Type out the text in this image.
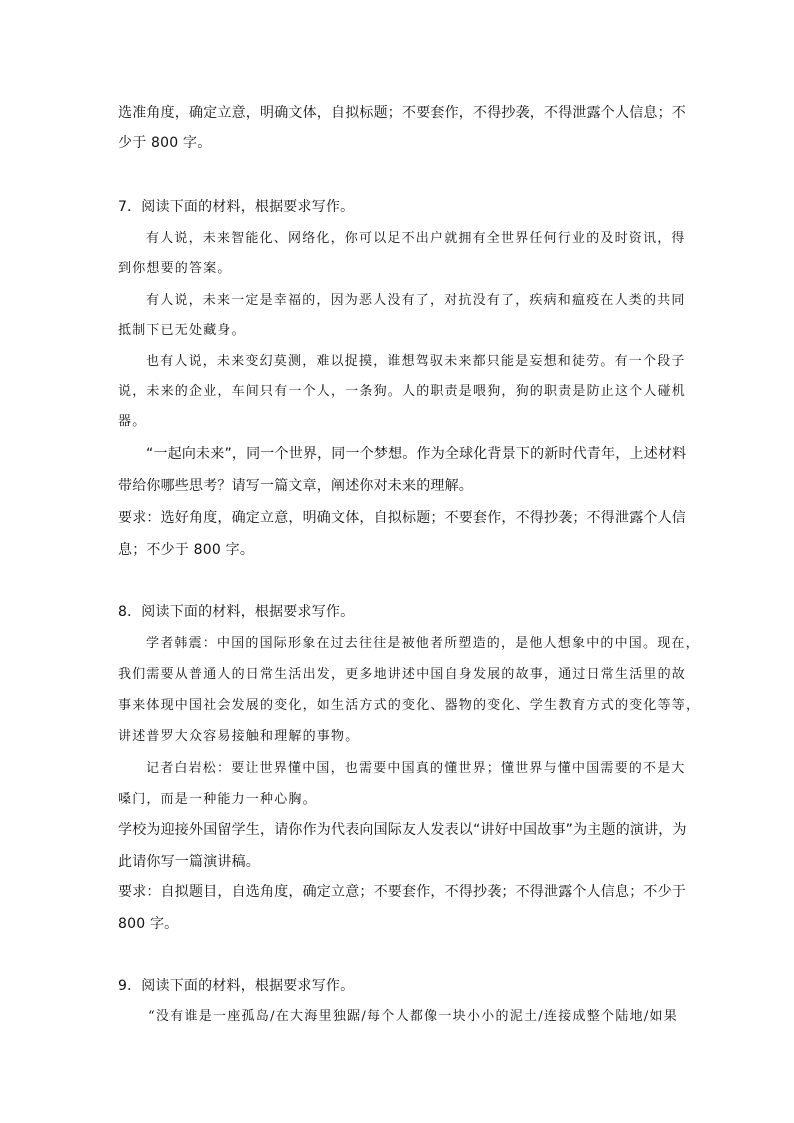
选准角度，确定立意，明确文体，自拟标题；不要套作，不得抄袭，不得泄露个人信息；不
少于 800 字。
7．阅读下面的材料，根据要求写作。
有人说，未来智能化、网络化，你可以足不出户就拥有全世界任何行业的及时资讯，得
到你想要的答案。
有人说，未来一定是幸福的，因为恶人没有了，对抗没有了，疾病和瘟疫在人类的共同
抵制下已无处藏身。
也有人说，未来变幻莫测，难以捉摸，谁想驾驭未来都只能是妄想和徒劳。有一个段子
说，未来的企业，车间只有一个人，一条狗。人的职责是喂狗，狗的职责是防止这个人碰机
器。
“一起向未来”，同一个世界，同一个梦想。作为全球化背景下的新时代青年，上述材料
带给你哪些思考？请写一篇文章，阐述你对未来的理解。
要求：选好角度，确定立意，明确文体，自拟标题；不要套作，不得抄袭；不得泄露个人信
息；不少于 800 字。
8．阅读下面的材料，根据要求写作。
学者韩震：中国的国际形象在过去往往是被他者所塑造的，是他人想象中的中国。现在，
我们需要从普通人的日常生活出发，更多地讲述中国自身发展的故事，通过日常生活里的故
事来体现中国社会发展的变化，如生活方式的变化、器物的变化、学生教育方式的变化等等，
讲述普罗大众容易接触和理解的事物。
记者白岩松：要让世界懂中国，也需要中国真的懂世界；懂世界与懂中国需要的不是大
嗓门，而是一种能力一种心胸。
学校为迎接外国留学生，请你作为代表向国际友人发表以“讲好中国故事”为主题的演讲，为
此请你写一篇演讲稿。
要求：自拟题目，自选角度，确定立意；不要套作，不得抄袭；不得泄露个人信息；不少于
800 字。
9．阅读下面的材料，根据要求写作。
“没有谁是一座孤岛/在大海里独踞/每个人都像一块小小的泥土/连接成整个陆地/如果
